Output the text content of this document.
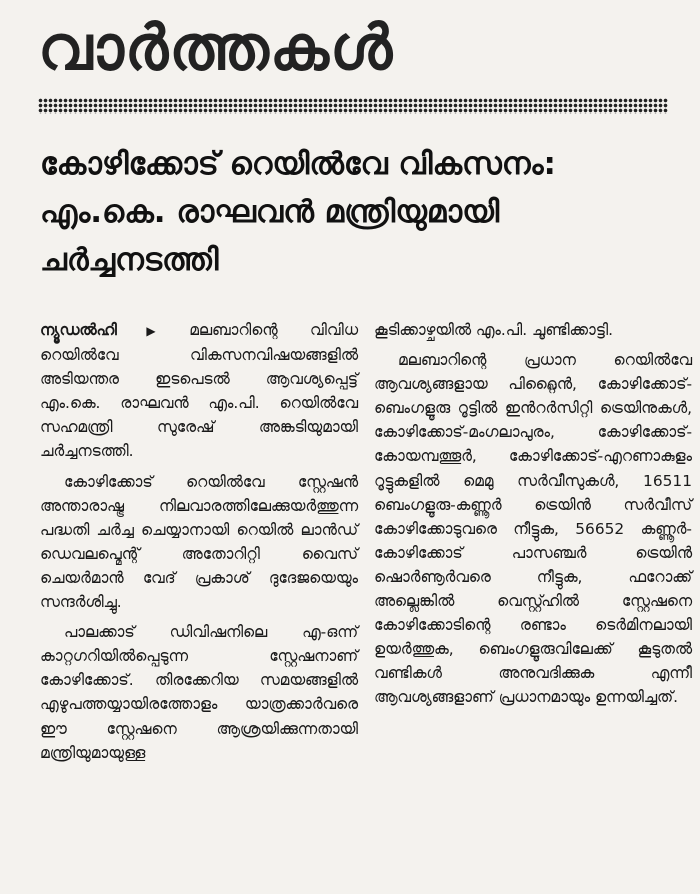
വാർത്തകൾ
കോഴിക്കോട് റെയിൽവേ വികസനം:
എം.കെ. രാഘവൻ മന്ത്രിയുമായി
ചർച്ചനടത്തി

ന്യൂഡൽഹി ▶ മലബാറിന്റെ വിവിധ റെയിൽവേ വികസനവിഷയങ്ങളിൽ അടിയന്തര ഇടപെടൽ ആവശ്യപ്പെട്ട് എം.കെ. രാഘവൻ എം.പി. റെയിൽവേ സഹമന്ത്രി സുരേഷ് അങ്കടിയുമായി ചർച്ചനടത്തി.

കോഴിക്കോട് റെയിൽവേ സ്റ്റേഷൻ അന്താരാഷ്ട്ര നിലവാരത്തിലേക്കുയർത്തുന്ന പദ്ധതി ചർച്ച ചെയ്യാനായി റെയിൽ ലാൻഡ് ഡെവലപ്മെന്റ് അതോറിറ്റി വൈസ് ചെയർമാൻ വേദ് പ്രകാശ് ദുദേജയെയും സന്ദർശിച്ചു.

പാലക്കാട് ഡിവിഷനിലെ എ-ഒന്ന് കാറ്റഗറിയിൽപ്പെടുന്ന സ്റ്റേഷനാണ് കോഴിക്കോട്. തിരക്കേറിയ സമയങ്ങളിൽ എഴുപത്തയ്യായിരത്തോളം യാത്രക്കാർവരെ ഈ സ്റ്റേഷനെ ആശ്രയിക്കുന്നതായി മന്ത്രിയുമായുള്ള

കൂടിക്കാഴ്ചയിൽ എം.പി. ചൂണ്ടിക്കാട്ടി.

മലബാറിന്റെ പ്രധാന റെയിൽവേ ആവശ്യങ്ങളായ പിറ്റ്ലൈൻ, കോഴിക്കോട്-ബെംഗളൂരു റൂട്ടിൽ ഇൻറർസിറ്റി ട്രെയിനുകൾ, കോഴിക്കോട്-മംഗലാപുരം, കോഴിക്കോട്-കോയമ്പത്തൂർ, കോഴിക്കോട്-എറണാകുളം റൂട്ടുകളിൽ മെമു സർവീസുകൾ, 16511 ബെംഗളൂരു-കണ്ണൂർ ട്രെയിൻ സർവീസ് കോഴിക്കോടുവരെ നീട്ടുക, 56652 കണ്ണൂർ-കോഴിക്കോട് പാസഞ്ചർ ട്രെയിൻ ഷൊർണൂർവരെ നീട്ടുക, ഫറോക്ക് അല്ലെങ്കിൽ വെസ്റ്റ്ഹിൽ സ്റ്റേഷനെ കോഴിക്കോടിന്റെ രണ്ടാം ടെർമിനലായി ഉയർത്തുക, ബെംഗളൂരുവിലേക്ക് കൂടുതൽ വണ്ടികൾ അനുവദിക്കുക എന്നീ ആവശ്യങ്ങളാണ് പ്രധാനമായും ഉന്നയിച്ചത്.
